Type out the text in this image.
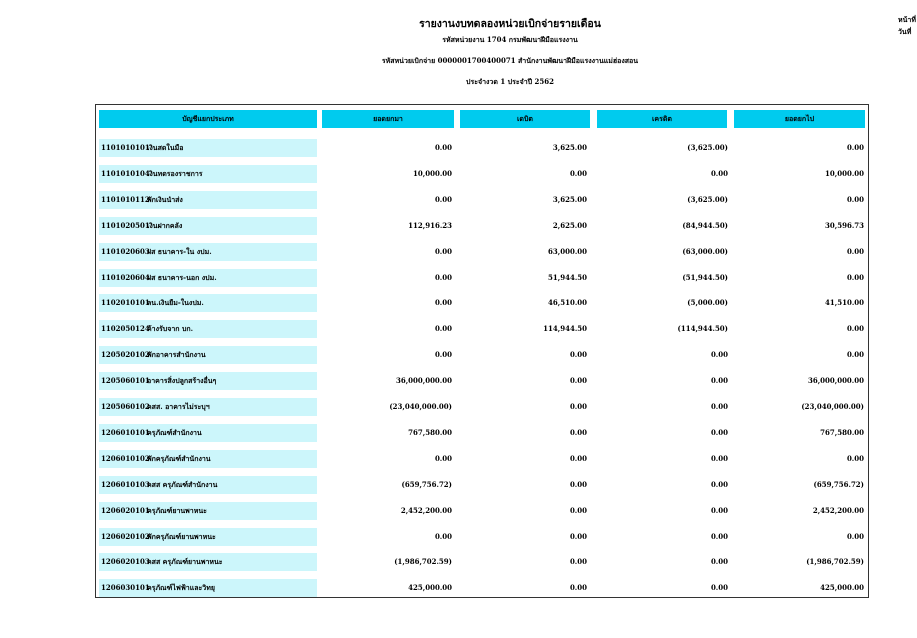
รายงานงบทดลองหน่วยเบิกจ่ายรายเดือน
รหัสหน่วยงาน 1704 กรมพัฒนาฝีมือแรงงาน
รหัสหน่วยเบิกจ่าย 0000001700400071 สำนักงานพัฒนาฝีมือแรงงานแม่ฮ่องสอน
ประจำงวด 1 ประจำปี 2562
หน้าที่
วันที่
บัญชีแยกประเภท	ยอดยกมา	เดบิต	เครดิต	ยอดยกไป
1101010101
เงินสดในมือ	0.00	3,625.00	(3,625.00)	0.00
1101010104
เงินทดรองราชการ	10,000.00	0.00	0.00	10,000.00
1101010112
พักเงินนำส่ง	0.00	3,625.00	(3,625.00)	0.00
1101020501
เงินฝากคลัง	112,916.23	2,625.00	(84,944.50)	30,596.73
1101020603
ฝส ธนาคาร-ใน งปม.	0.00	63,000.00	(63,000.00)	0.00
1101020604
ฝส ธนาคาร-นอก งปม.	0.00	51,944.50	(51,944.50)	0.00
1102010101
ลน.เงินยืม-ในงปม.	0.00	46,510.00	(5,000.00)	41,510.00
1102050124
ค้างรับจาก บก.	0.00	114,944.50	(114,944.50)	0.00
1205020102
พักอาคารสำนักงาน	0.00	0.00	0.00	0.00
1205060101
อาคารสิ่งปลูกสร้างอื่นๆ	36,000,000.00	0.00	0.00	36,000,000.00
1205060102
คสส. อาคารไม่ระบุฯ	(23,040,000.00)	0.00	0.00	(23,040,000.00)
1206010101
ครุภัณฑ์สำนักงาน	767,580.00	0.00	0.00	767,580.00
1206010102
พักครุภัณฑ์สำนักงาน	0.00	0.00	0.00	0.00
1206010103
คสส ครุภัณฑ์สำนักงาน	(659,756.72)	0.00	0.00	(659,756.72)
1206020101
ครุภัณฑ์ยานพาหนะ	2,452,200.00	0.00	0.00	2,452,200.00
1206020102
พักครุภัณฑ์ยานพาหนะ	0.00	0.00	0.00	0.00
1206020103
คสส ครุภัณฑ์ยานพาหนะ	(1,986,702.59)	0.00	0.00	(1,986,702.59)
1206030101
ครุภัณฑ์ไฟฟ้าและวิทยุ	425,000.00	0.00	0.00	425,000.00
